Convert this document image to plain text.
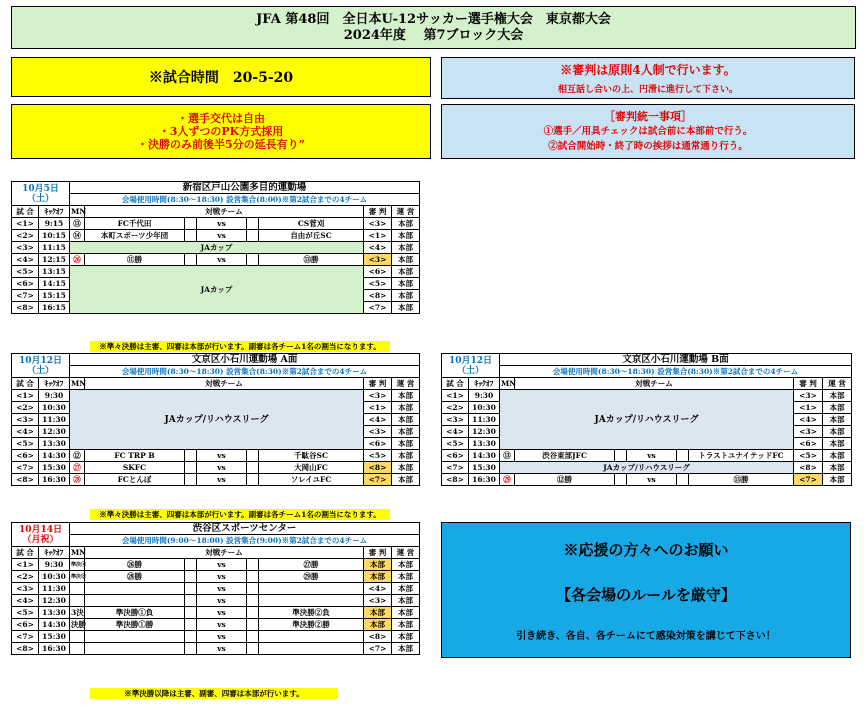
JFA 第48回　全日本U-12サッカー選手権大会　東京都大会
2024年度　 第7ブロック大会
※試合時間　20-5-20
・選手交代は自由
・3人ずつのPK方式採用
・決勝のみ前後半5分の延長有り”
※審判は原則4人制で行います。
相互話し合いの上、円滑に進行して下さい。
［審判統一事項］
①選手／用具チェックは試合前に本部前で行う。
②試合開始時・終了時の挨拶は通常通り行う。
10月5日
（土）		新宿区戸山公園多目的運動場							
		会場使用時間(8:30～18:30) 設営集合(8:00)※第2試合までの4チーム							
試 合	ｷｯｸｵﾌ	MN	対戦チーム					審 判	運 営
<1>	9:15	⑬	FC千代田		vs		CS菅刈	<3>	本部
<2>	10:15	⑭	本町スポーツ少年団		vs		自由が丘SC	<1>	本部
<3>	11:15	JAカップ						<4>	本部
<4>	12:15	㉖	⑪勝		vs		⑬勝	<3>	本部
<5>	13:15	JAカップ						<6>	本部
<6>	14:15							<5>	本部
<7>	15:15							<8>	本部
<8>	16:15							<7>	本部
※準々決勝は主審、四審は本部が行います。副審は各チーム1名の割当になります。
10月12日
（土）		文京区小石川運動場 A面							
		会場使用時間(8:30～18:30) 設営集合(8:30)※第2試合までの4チーム							
試 合	ｷｯｸｵﾌ	MN	対戦チーム					審 判	運 営
<1>	9:30	JAカップ/リハウスリーグ						<3>	本部
<2>	10:30							<1>	本部
<3>	11:30							<4>	本部
<4>	12:30							<3>	本部
<5>	13:30							<6>	本部
<6>	14:30	⑫	FC TRP B		vs		千駄谷SC	<5>	本部
<7>	15:30	㉗	SKFC		vs		大岡山FC	<8>	本部
<8>	16:30	㉘	FCとんぼ		vs		ソレイユFC	<7>	本部
※準々決勝は主審、四審は本部が行います。副審は各チーム1名の割当になります。
10月12日
（土）		文京区小石川運動場 B面							
		会場使用時間(8:30～18:30) 設営集合(8:30)※第2試合までの4チーム							
試 合	ｷｯｸｵﾌ	MN	対戦チーム					審 判	運 営
<1>	9:30	JAカップ/リハウスリーグ						<3>	本部
<2>	10:30							<1>	本部
<3>	11:30							<4>	本部
<4>	12:30							<3>	本部
<5>	13:30							<6>	本部
<6>	14:30	⑬	渋谷東部JFC		vs		トラストユナイテッドFC	<5>	本部
<7>	15:30	JAカップ/リハウスリーグ						<8>	本部
<8>	16:30	㉙	⑫勝		vs		⑬勝	<7>	本部
10月14日
（月祝）		渋谷区スポーツセンター							
		会場使用時間(9:00～18:00) 設営集合(9:00)※第2試合までの4チーム							
試 合	ｷｯｸｵﾌ	MN	対戦チーム					審 判	運 営
<1>	9:30	準決ⓐ	㉖勝		vs		㉗勝	本部	本部
<2>	10:30	準決ⓑ	㉘勝		vs		㉙勝	本部	本部
<3>	11:30				vs			<4>	本部
<4>	12:30				vs			<3>	本部
<5>	13:30	3決	準決勝①負		vs		準決勝②負	本部	本部
<6>	14:30	決勝	準決勝①勝		vs		準決勝②勝	本部	本部
<7>	15:30				vs			<8>	本部
<8>	16:30				vs			<7>	本部
※準決勝以降は主審、副審、四審は本部が行います。
※応援の方々へのお願い
【各会場のルールを厳守】
引き続き、各自、各チームにて感染対策を講じて下さい！
